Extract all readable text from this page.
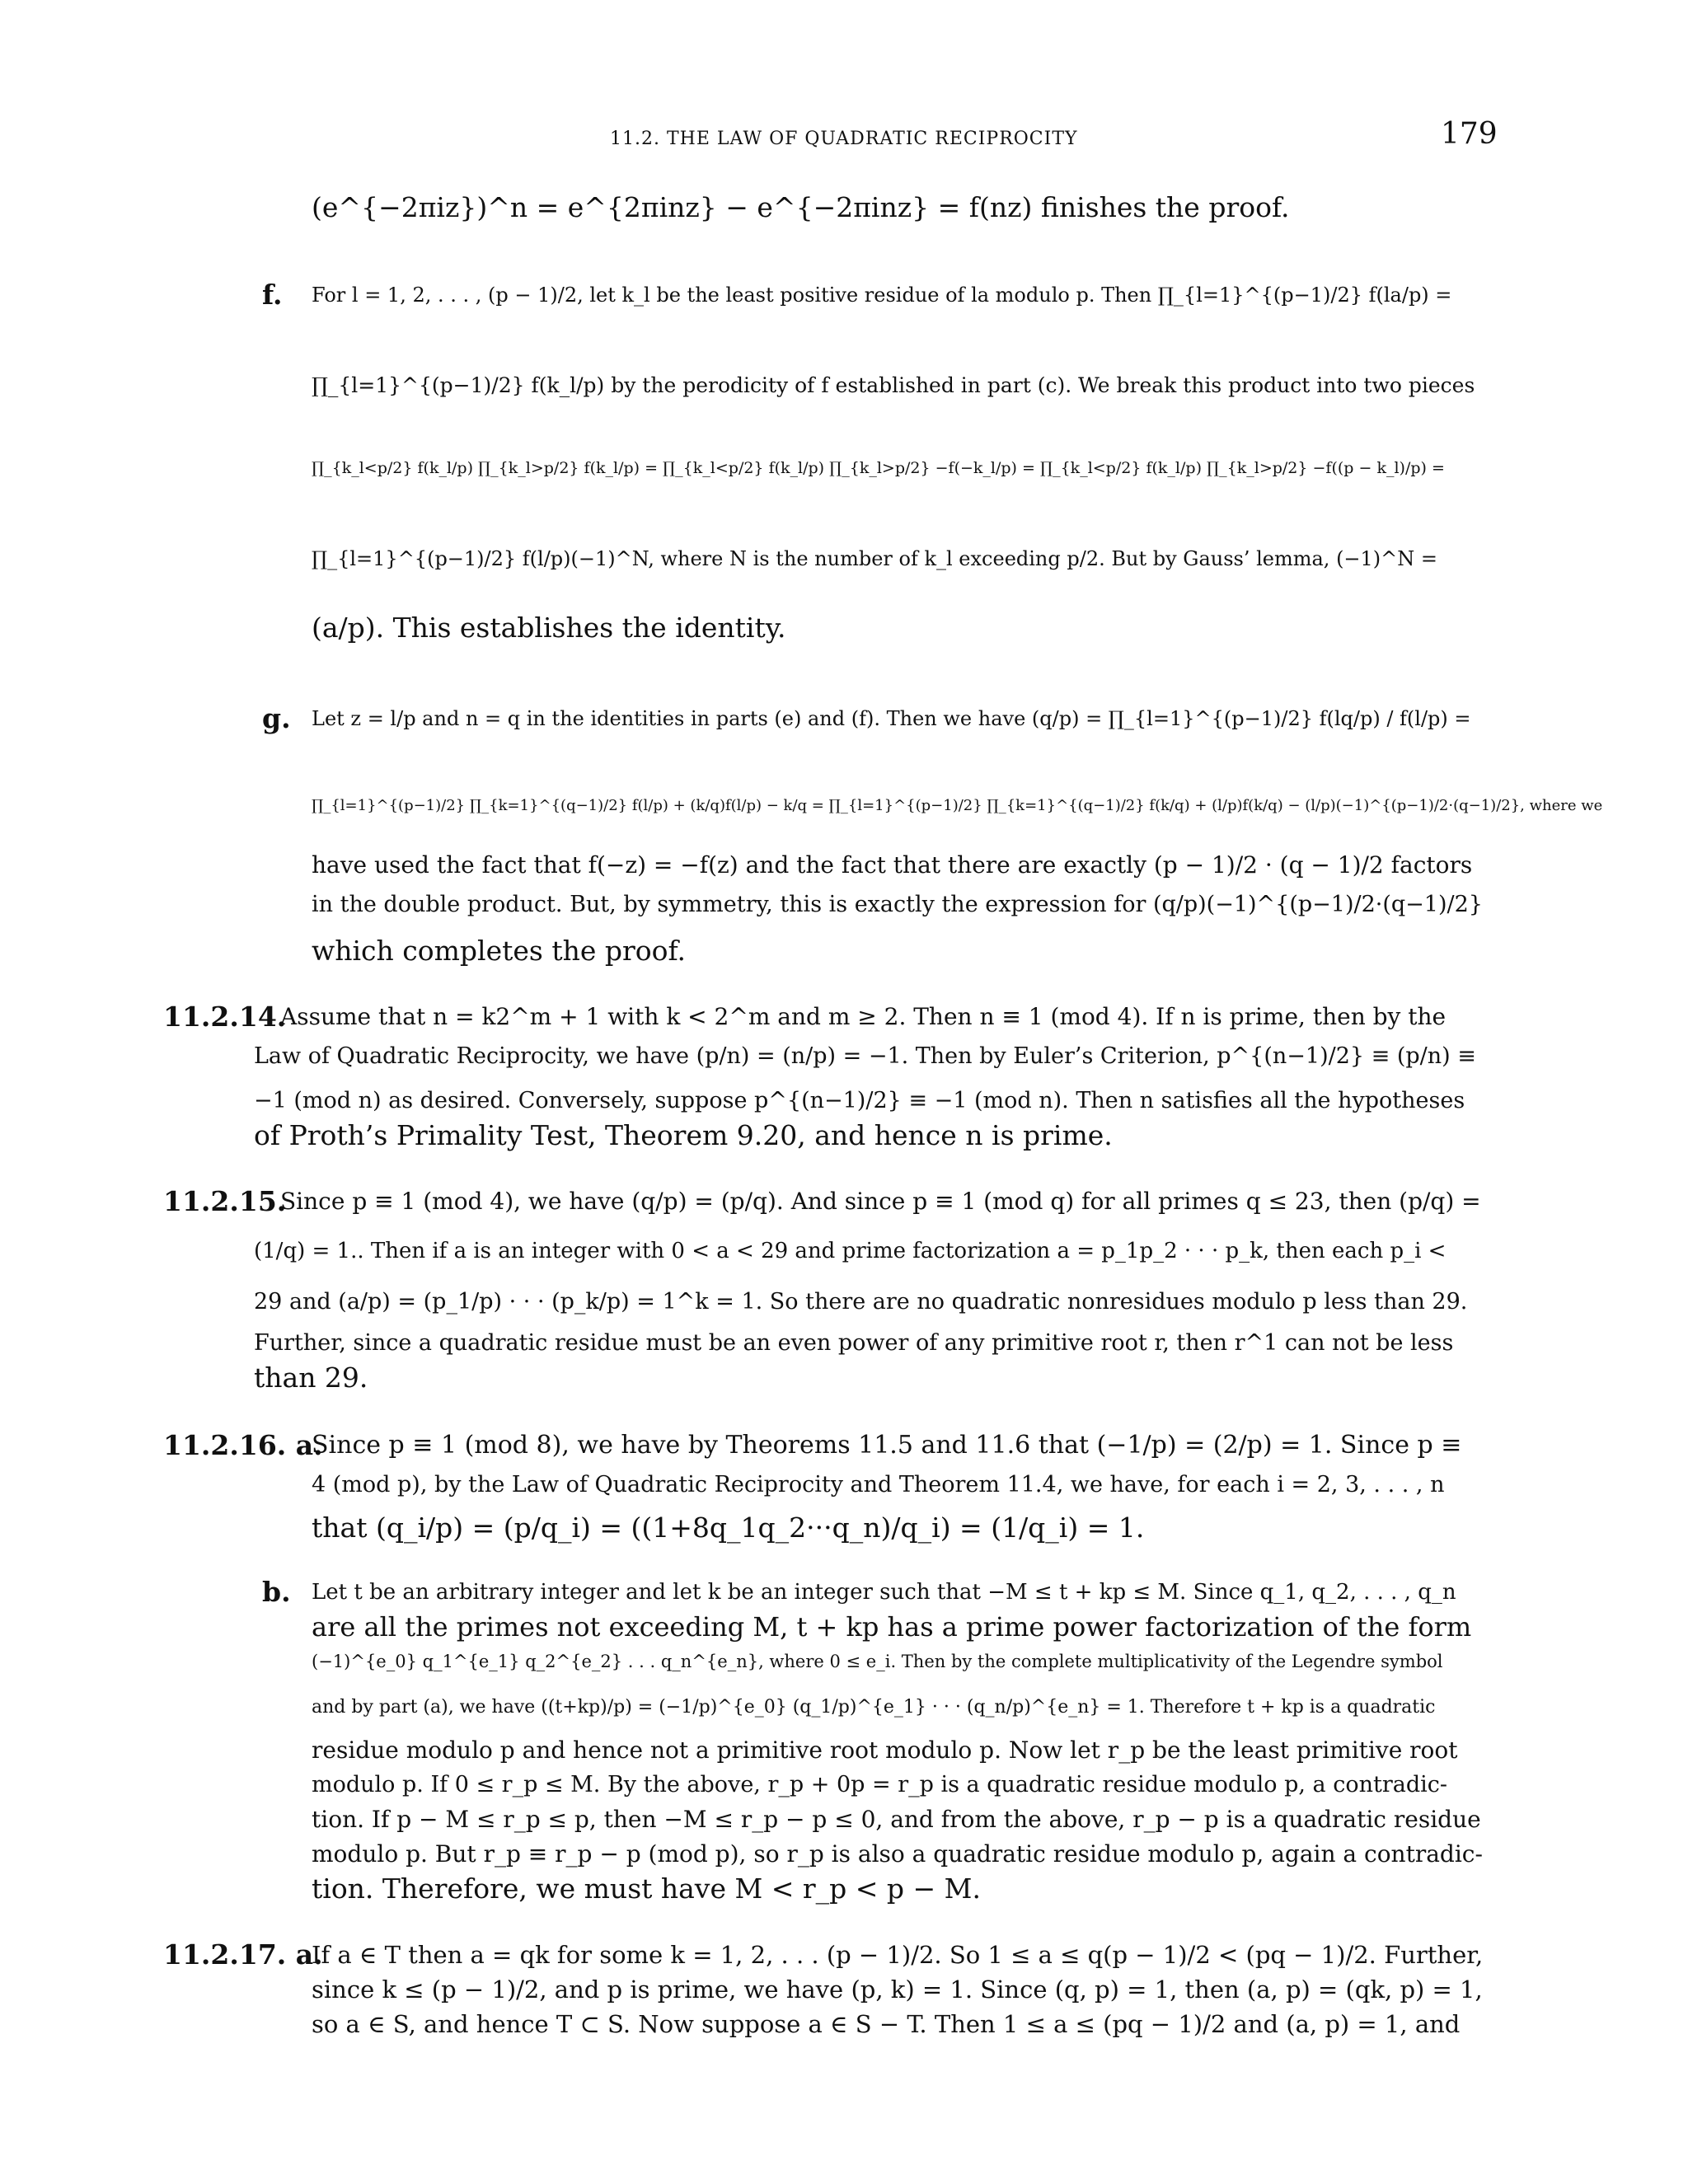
11.2. THE LAW OF QUADRATIC RECIPROCITY	179
(e^{−2πiz})^n = e^{2πinz} − e^{−2πinz} = f(nz) finishes the proof.
f. For l = 1, 2, . . . , (p − 1)/2, let k_l be the least positive residue of la modulo p. Then ∏_{l=1}^{(p−1)/2} f(la/p) =
∏_{l=1}^{(p−1)/2} f(k_l/p) by the perodicity of f established in part (c). We break this product into two pieces
∏_{k_l<p/2} f(k_l/p) ∏_{k_l>p/2} f(k_l/p) = ∏_{k_l<p/2} f(k_l/p) ∏_{k_l>p/2} −f(−k_l/p) = ∏_{k_l<p/2} f(k_l/p) ∏_{k_l>p/2} −f((p − k_l)/p) =
∏_{l=1}^{(p−1)/2} f(l/p)(−1)^N, where N is the number of k_l exceeding p/2. But by Gauss’ lemma, (−1)^N =
(a/p). This establishes the identity.
g. Let z = l/p and n = q in the identities in parts (e) and (f). Then we have (q/p) = ∏_{l=1}^{(p−1)/2} f(lq/p) / f(l/p) =
∏_{l=1}^{(p−1)/2} ∏_{k=1}^{(q−1)/2} f(l/p) + (k/q)f(l/p) − k/q = ∏_{l=1}^{(p−1)/2} ∏_{k=1}^{(q−1)/2} f(k/q) + (l/p)f(k/q) − (l/p)(−1)^{(p−1)/2·(q−1)/2}, where we
have used the fact that f(−z) = −f(z) and the fact that there are exactly (p − 1)/2 · (q − 1)/2 factors
in the double product. But, by symmetry, this is exactly the expression for (q/p)(−1)^{(p−1)/2·(q−1)/2}
which completes the proof.
11.2.14.
Assume that n = k2^m + 1 with k < 2^m and m ≥ 2. Then n ≡ 1 (mod 4). If n is prime, then by the
Law of Quadratic Reciprocity, we have (p/n) = (n/p) = −1. Then by Euler’s Criterion, p^{(n−1)/2} ≡ (p/n) ≡
−1 (mod n) as desired. Conversely, suppose p^{(n−1)/2} ≡ −1 (mod n). Then n satisfies all the hypotheses
of Proth’s Primality Test, Theorem 9.20, and hence n is prime.
11.2.15.
Since p ≡ 1 (mod 4), we have (q/p) = (p/q). And since p ≡ 1 (mod q) for all primes q ≤ 23, then (p/q) =
(1/q) = 1.. Then if a is an integer with 0 < a < 29 and prime factorization a = p_1p_2 · · · p_k, then each p_i <
29 and (a/p) = (p_1/p) · · · (p_k/p) = 1^k = 1. So there are no quadratic nonresidues modulo p less than 29.
Further, since a quadratic residue must be an even power of any primitive root r, then r^1 can not be less
than 29.
11.2.16. a.
Since p ≡ 1 (mod 8), we have by Theorems 11.5 and 11.6 that (−1/p) = (2/p) = 1. Since p ≡
4 (mod p), by the Law of Quadratic Reciprocity and Theorem 11.4, we have, for each i = 2, 3, . . . , n
that (q_i/p) = (p/q_i) = ((1+8q_1q_2···q_n)/q_i) = (1/q_i) = 1.
b. Let t be an arbitrary integer and let k be an integer such that −M ≤ t + kp ≤ M. Since q_1, q_2, . . . , q_n
are all the primes not exceeding M, t + kp has a prime power factorization of the form
(−1)^{e_0} q_1^{e_1} q_2^{e_2} . . . q_n^{e_n}, where 0 ≤ e_i. Then by the complete multiplicativity of the Legendre symbol
and by part (a), we have ((t+kp)/p) = (−1/p)^{e_0} (q_1/p)^{e_1} · · · (q_n/p)^{e_n} = 1. Therefore t + kp is a quadratic
residue modulo p and hence not a primitive root modulo p. Now let r_p be the least primitive root
modulo p. If 0 ≤ r_p ≤ M. By the above, r_p + 0p = r_p is a quadratic residue modulo p, a contradic-
tion. If p − M ≤ r_p ≤ p, then −M ≤ r_p − p ≤ 0, and from the above, r_p − p is a quadratic residue
modulo p. But r_p ≡ r_p − p (mod p), so r_p is also a quadratic residue modulo p, again a contradic-
tion. Therefore, we must have M < r_p < p − M.
11.2.17. a.
If a ∈ T then a = qk for some k = 1, 2, . . . (p − 1)/2. So 1 ≤ a ≤ q(p − 1)/2 < (pq − 1)/2. Further,
since k ≤ (p − 1)/2, and p is prime, we have (p, k) = 1. Since (q, p) = 1, then (a, p) = (qk, p) = 1,
so a ∈ S, and hence T ⊂ S. Now suppose a ∈ S − T. Then 1 ≤ a ≤ (pq − 1)/2 and (a, p) = 1, and
